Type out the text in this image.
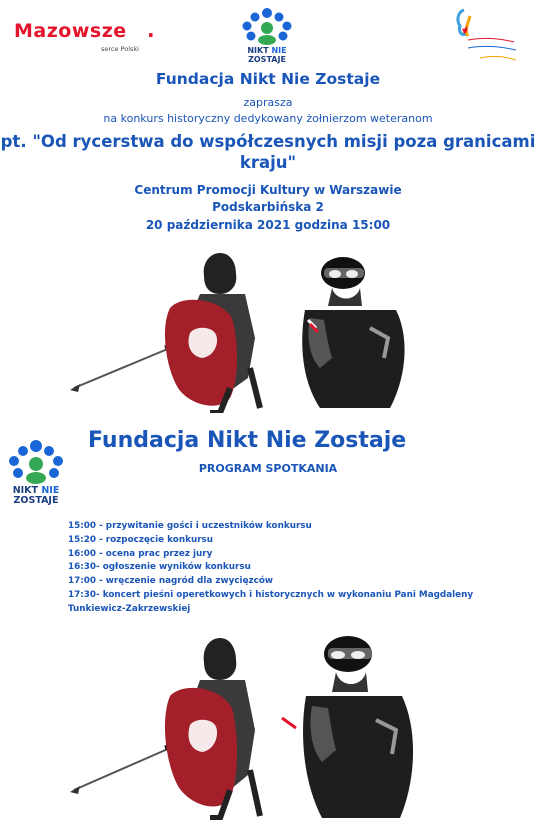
Mazowsze .
serce Polski	NIKT NIE
ZOSTAJE
Fundacja Nikt Nie Zostaje
zaprasza
na konkurs historyczny dedykowany żołnierzom weteranom
pt. "Od rycerstwa do współczesnych misji poza granicami kraju"
Centrum Promocji Kultury w Warszawie
Podskarbińska 2
20 października 2021 godzina 15:00
NIKT NIE
ZOSTAJE
Fundacja Nikt Nie Zostaje
PROGRAM SPOTKANIA
15:00 - przywitanie gości i uczestników konkursu
15:20 - rozpoczęcie konkursu
16:00 - ocena prac przez jury
16:30- ogłoszenie wyników konkursu
17:00 - wręczenie nagród dla zwycięzców
17:30- koncert pieśni operetkowych i historycznych w wykonaniu Pani Magdaleny Tunkiewicz-Zakrzewskiej
